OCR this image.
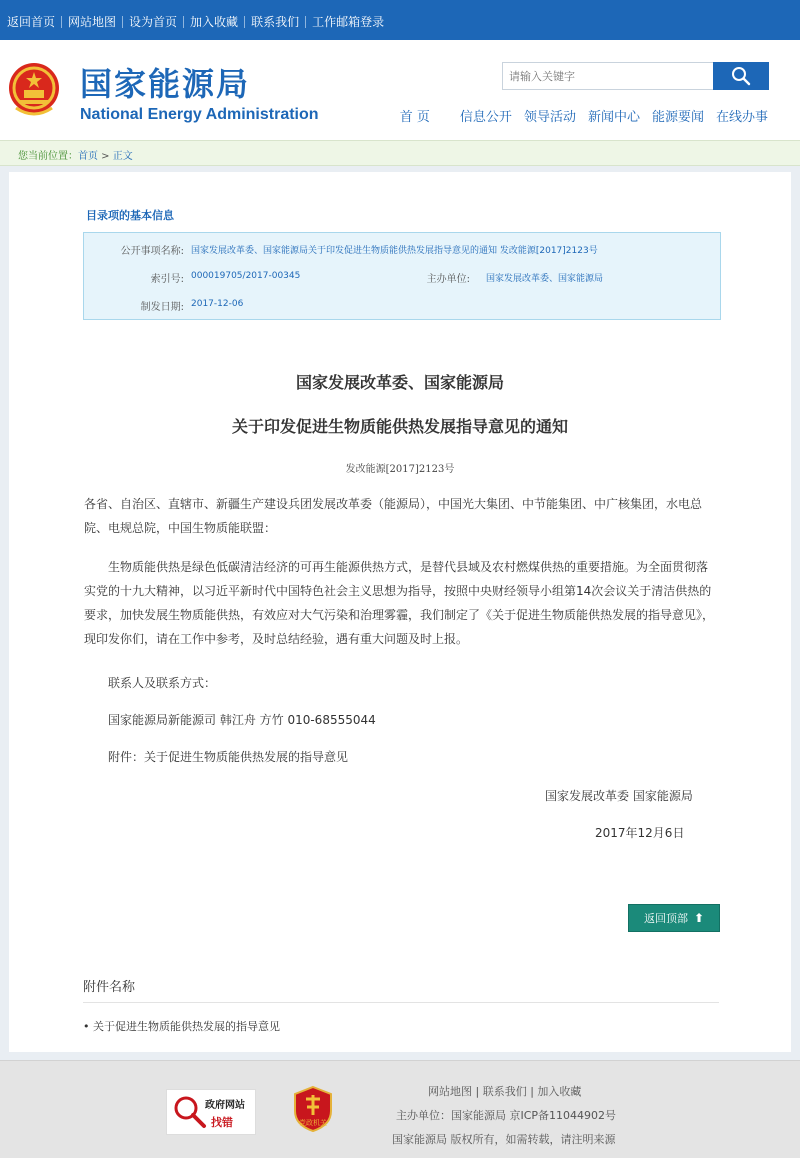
返回首页 网站地图 设为首页 加入收藏 联系我们 工作邮箱登录
国家能源局
National Energy Administration
请输入关键字	首 页 信息公开 领导活动 新闻中心 能源要闻 在线办事
您当前位置：首页 > 正文
目录项的基本信息
公开事项名称: 国家发展改革委、国家能源局关于印发促进生物质能供热发展指导意见的通知 发改能源[2017]2123号
索引号: 000019705/2017-00345	主办单位: 国家发展改革委、国家能源局
制发日期: 2017-12-06
国家发展改革委、国家能源局
关于印发促进生物质能供热发展指导意见的通知
发改能源[2017]2123号
各省、自治区、直辖市、新疆生产建设兵团发展改革委（能源局），中国光大集团、中节能集团、中广核集团，水电总院、电规总院，中国生物质能联盟：
生物质能供热是绿色低碳清洁经济的可再生能源供热方式，是替代县域及农村燃煤供热的重要措施。为全面贯彻落实党的十九大精神，以习近平新时代中国特色社会主义思想为指导，按照中央财经领导小组第14次会议关于清洁供热的要求，加快发展生物质能供热，有效应对大气污染和治理雾霾，我们制定了《关于促进生物质能供热发展的指导意见》，现印发你们，请在工作中参考，及时总结经验，遇有重大问题及时上报。
联系人及联系方式：
国家能源局新能源司 韩江舟 方竹 010-68555044
附件：关于促进生物质能供热发展的指导意见
国家发展改革委 国家能源局
2017年12月6日
返回顶部 ⬆
附件名称
• 关于促进生物质能供热发展的指导意见
政府网站
找错	党政机关
网站地图 | 联系我们 | 加入收藏
主办单位：国家能源局 京ICP备11044902号
国家能源局 版权所有，如需转载，请注明来源
